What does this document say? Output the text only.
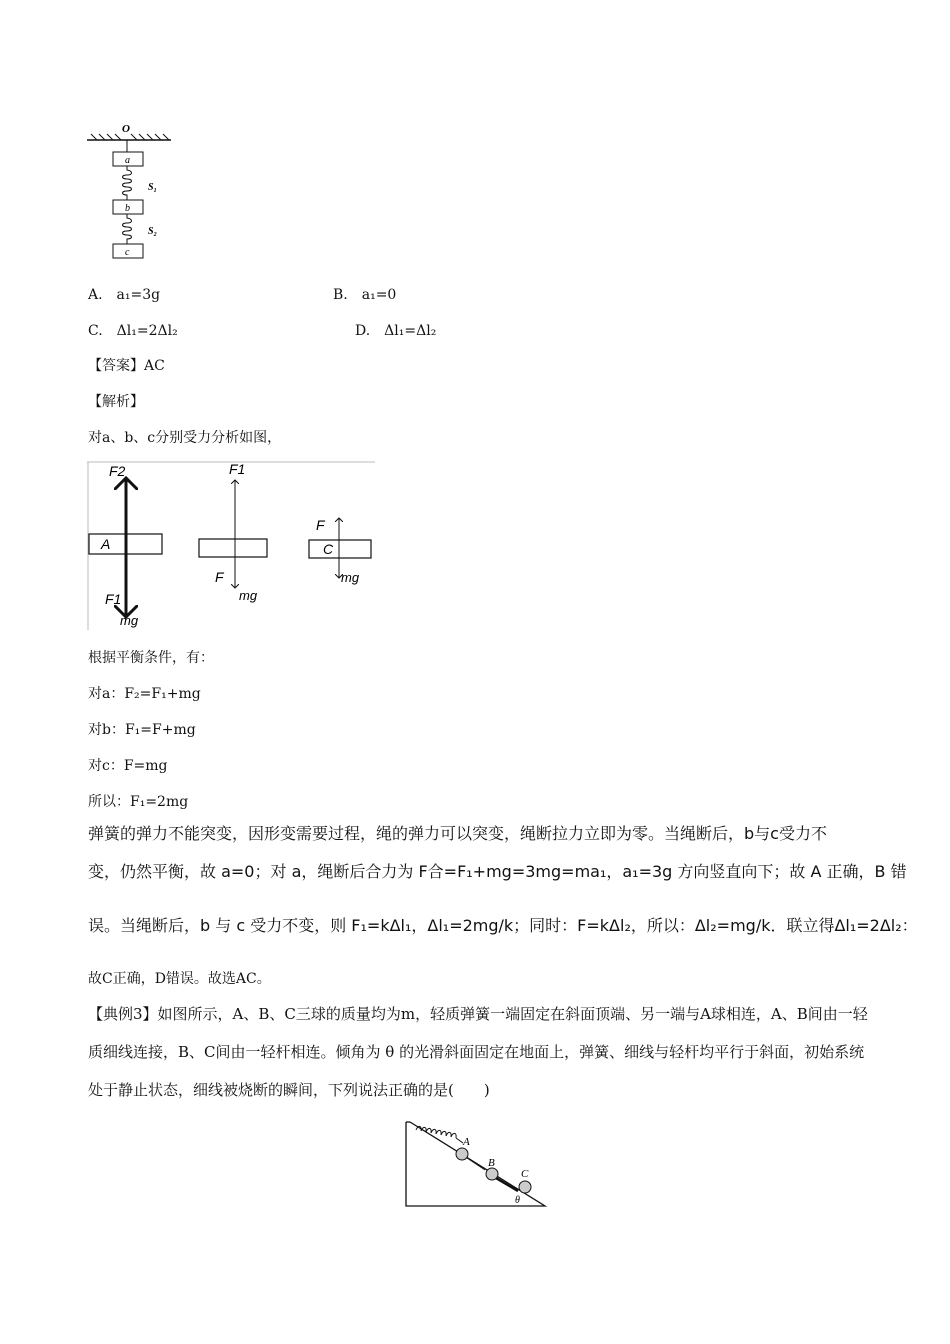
O
a
S₁
b
S₂
c
A.　a₁=3g	B.　a₁=0
C.　Δl₁=2Δl₂	D.　Δl₁=Δl₂
【答案】AC
【解析】
对a、b、c分别受力分析如图，
F2
A
F1
mg
F1
F
mg
F
C
mg
根据平衡条件，有：
对a：F₂=F₁+mg
对b：F₁=F+mg
对c：F=mg
所以：F₁=2mg
弹簧的弹力不能突变，因形变需要过程，绳的弹力可以突变，绳断拉力立即为零。当绳断后，b与c受力不
变，仍然平衡，故 a=0；对 a，绳断后合力为 F合=F₁+mg=3mg=ma₁，a₁=3g 方向竖直向下；故 A 正确，B 错
误。当绳断后，b 与 c 受力不变，则 F₁=kΔl₁，Δl₁=2mg/k；同时：F=kΔl₂，所以：Δl₂=mg/k．联立得Δl₁=2Δl₂：
故C正确，D错误。故选AC。
【典例3】如图所示，A、B、C三球的质量均为m，轻质弹簧一端固定在斜面顶端、另一端与A球相连，A、B间由一轻质细线连接，B、C间由一轻杆相连。倾角为 θ 的光滑斜面固定在地面上，弹簧、细线与轻杆均平行于斜面，初始系统处于静止状态，细线被烧断的瞬间，下列说法正确的是(　　)
A
B
C
θ
